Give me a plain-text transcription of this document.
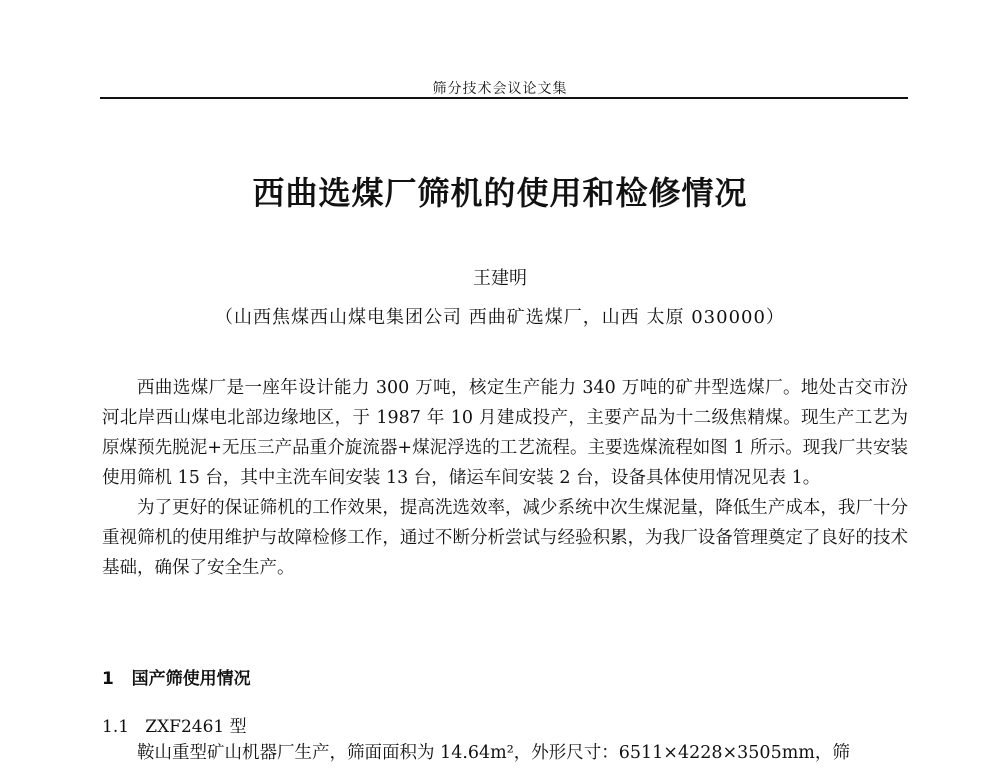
筛分技术会议论文集
西曲选煤厂筛机的使用和检修情况
王建明
（山西焦煤西山煤电集团公司 西曲矿选煤厂，山西 太原 030000）

西曲选煤厂是一座年设计能力 300 万吨，核定生产能力 340 万吨的矿井型选煤厂。地处古交市汾河北岸西山煤电北部边缘地区，于 1987 年 10 月建成投产，主要产品为十二级焦精煤。现生产工艺为原煤预先脱泥+无压三产品重介旋流器+煤泥浮选的工艺流程。主要选煤流程如图 1 所示。现我厂共安装使用筛机 15 台，其中主洗车间安装 13 台，储运车间安装 2 台，设备具体使用情况见表 1。

为了更好的保证筛机的工作效果，提高洗选效率，减少系统中次生煤泥量，降低生产成本，我厂十分重视筛机的使用维护与故障检修工作，通过不断分析尝试与经验积累，为我厂设备管理奠定了良好的技术基础，确保了安全生产。

1 国产筛使用情况
1.1 ZXF2461 型
鞍山重型矿山机器厂生产，筛面面积为 14.64m²，外形尺寸：6511×4228×3505mm，筛
